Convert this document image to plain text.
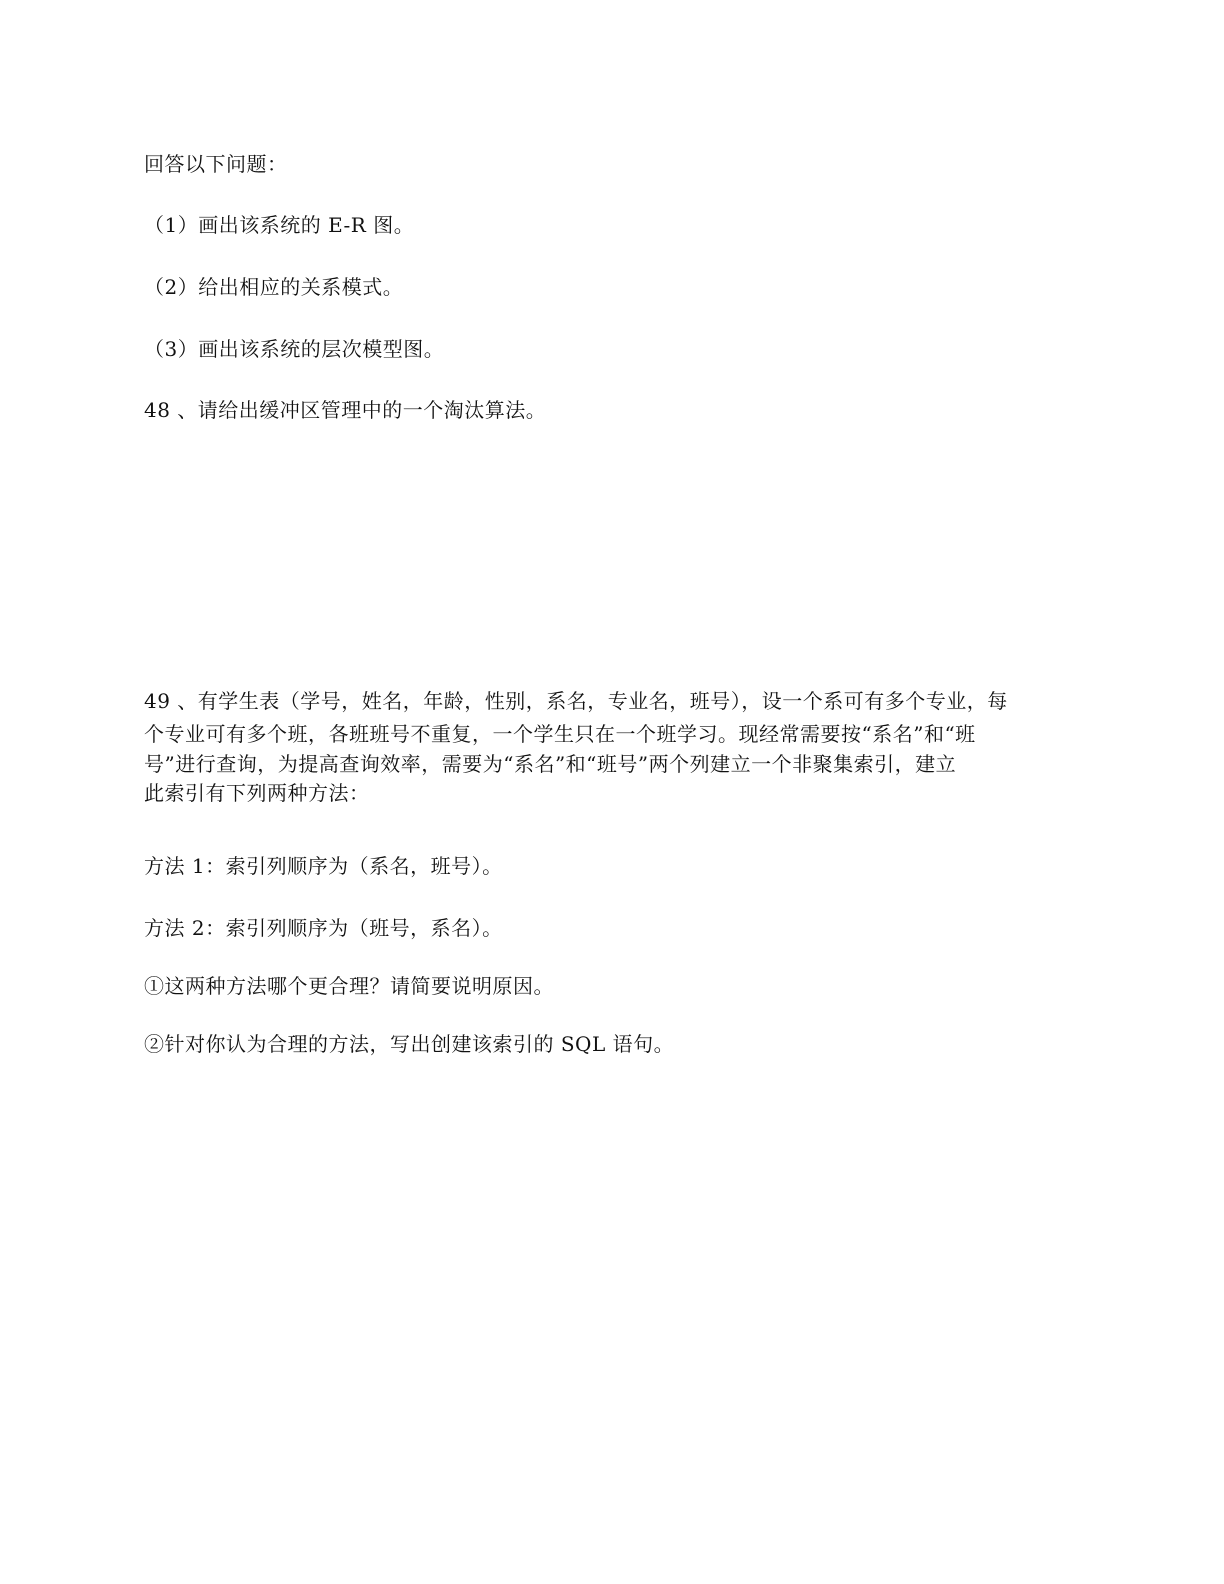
回答以下问题：
（1）画出该系统的 E-R 图。
（2）给出相应的关系模式。
（3）画出该系统的层次模型图。
48 、请给出缓冲区管理中的一个淘汰算法。
49 、有学生表（学号，姓名，年龄，性别，系名，专业名，班号），设一个系可有多个专业，每
个专业可有多个班，各班班号不重复，一个学生只在一个班学习。现经常需要按“系名”和“班
号”进行查询，为提高查询效率，需要为“系名”和“班号”两个列建立一个非聚集索引，建立
此索引有下列两种方法：
方法 1：索引列顺序为（系名，班号）。
方法 2：索引列顺序为（班号，系名）。
①这两种方法哪个更合理？请简要说明原因。
②针对你认为合理的方法，写出创建该索引的 SQL 语句。
